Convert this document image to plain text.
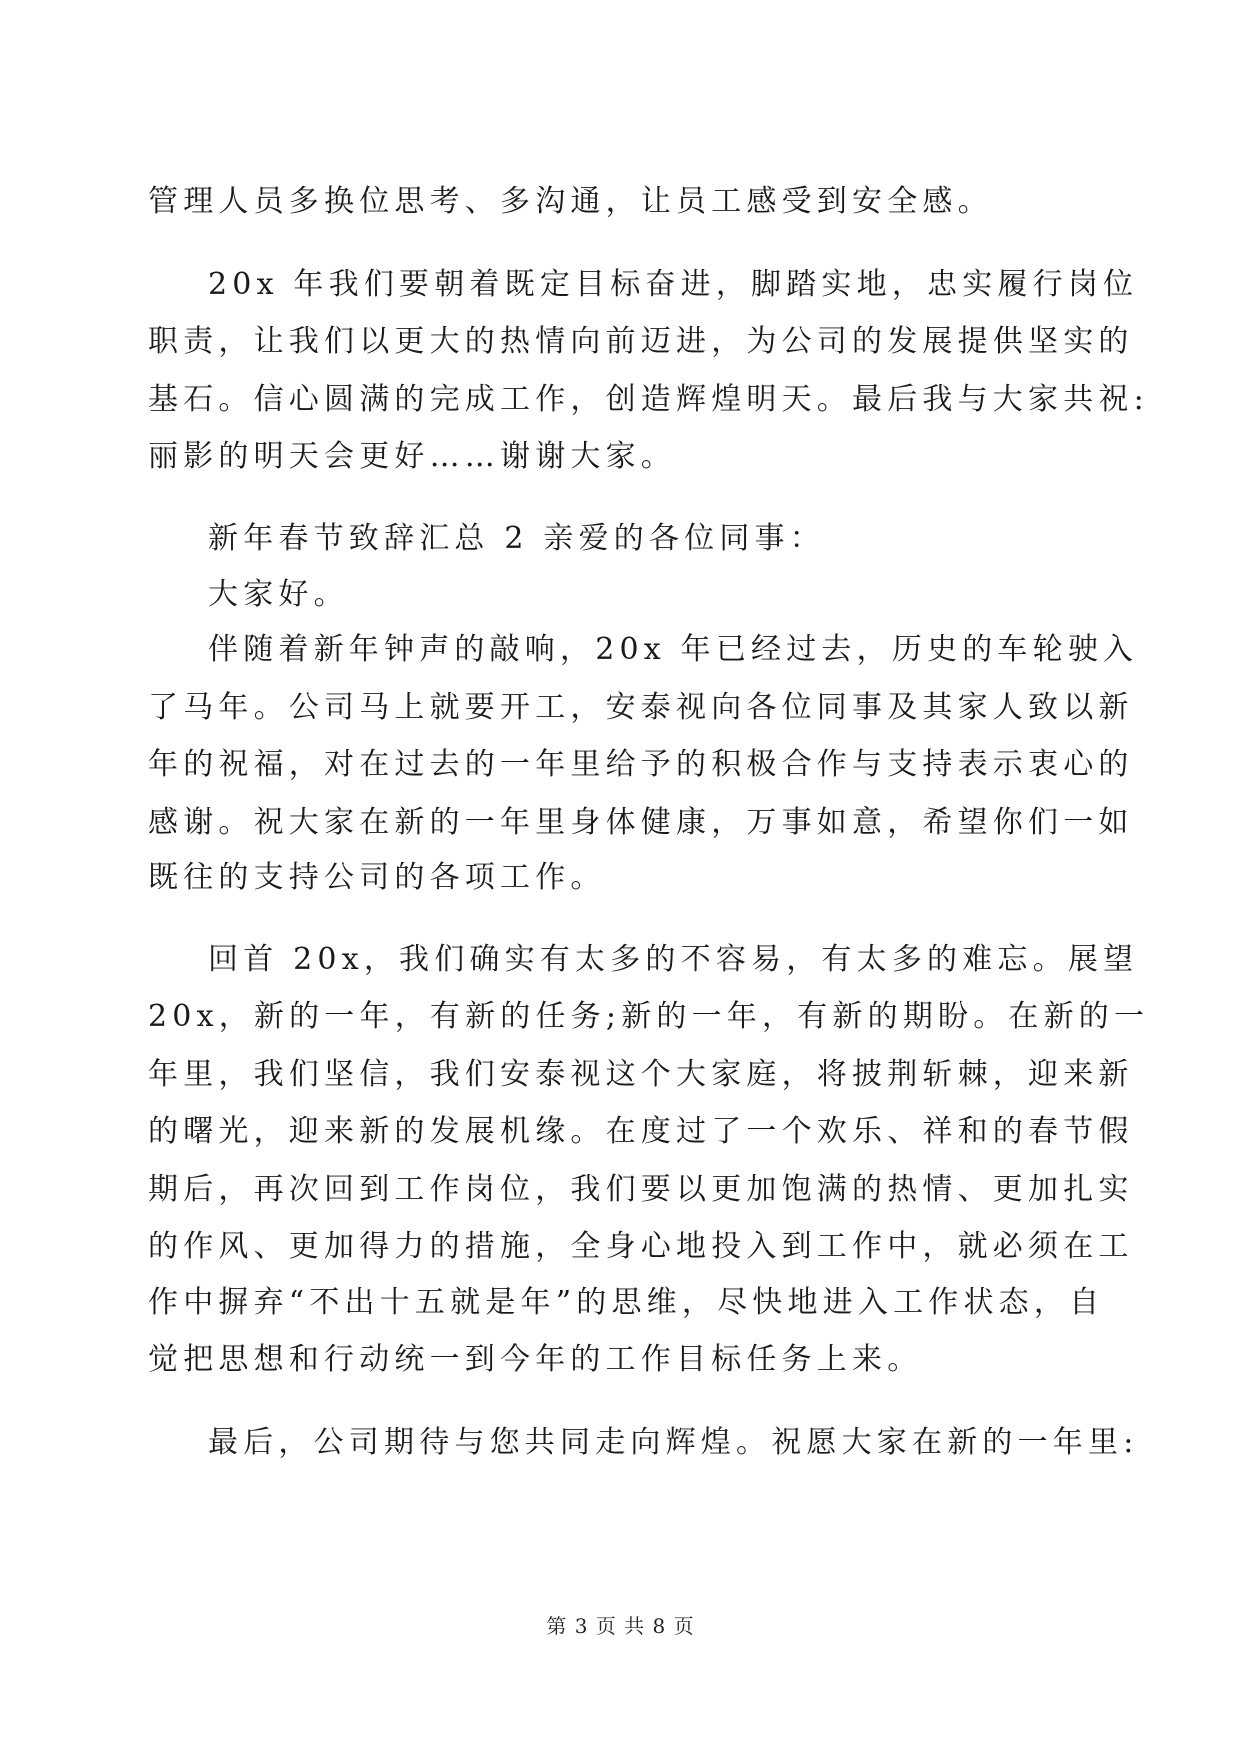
管理人员多换位思考、多沟通，让员工感受到安全感。
20x 年我们要朝着既定目标奋进，脚踏实地，忠实履行岗位
职责，让我们以更大的热情向前迈进，为公司的发展提供坚实的
基石。信心圆满的完成工作，创造辉煌明天。最后我与大家共祝:
丽影的明天会更好……谢谢大家。
新年春节致辞汇总 2 亲爱的各位同事：
大家好。
伴随着新年钟声的敲响，20x 年已经过去，历史的车轮驶入
了马年。公司马上就要开工，安泰视向各位同事及其家人致以新
年的祝福，对在过去的一年里给予的积极合作与支持表示衷心的
感谢。祝大家在新的一年里身体健康，万事如意，希望你们一如
既往的支持公司的各项工作。
回首 20x，我们确实有太多的不容易，有太多的难忘。展望
20x，新的一年，有新的任务;新的一年，有新的期盼。在新的一
年里，我们坚信，我们安泰视这个大家庭，将披荆斩棘，迎来新
的曙光，迎来新的发展机缘。在度过了一个欢乐、祥和的春节假
期后，再次回到工作岗位，我们要以更加饱满的热情、更加扎实
的作风、更加得力的措施，全身心地投入到工作中，就必须在工
作中摒弃“不出十五就是年”的思维，尽快地进入工作状态，自
觉把思想和行动统一到今年的工作目标任务上来。
最后，公司期待与您共同走向辉煌。祝愿大家在新的一年里:
第 3 页 共 8 页
